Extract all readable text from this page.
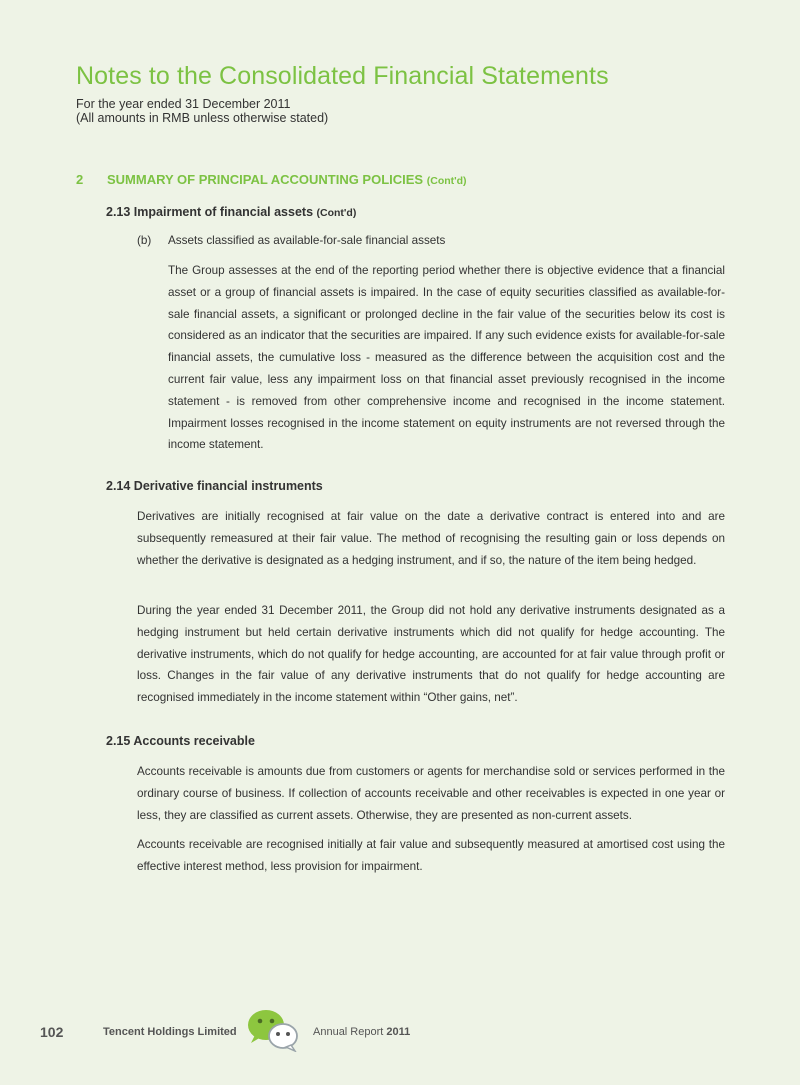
Notes to the Consolidated Financial Statements
For the year ended 31 December 2011
(All amounts in RMB unless otherwise stated)
2 SUMMARY OF PRINCIPAL ACCOUNTING POLICIES (Cont'd)
2.13 Impairment of financial assets (Cont'd)
(b) Assets classified as available-for-sale financial assets
The Group assesses at the end of the reporting period whether there is objective evidence that a financial asset or a group of financial assets is impaired. In the case of equity securities classified as available-for-sale financial assets, a significant or prolonged decline in the fair value of the securities below its cost is considered as an indicator that the securities are impaired. If any such evidence exists for available-for-sale financial assets, the cumulative loss - measured as the difference between the acquisition cost and the current fair value, less any impairment loss on that financial asset previously recognised in the income statement - is removed from other comprehensive income and recognised in the income statement. Impairment losses recognised in the income statement on equity instruments are not reversed through the income statement.
2.14 Derivative financial instruments
Derivatives are initially recognised at fair value on the date a derivative contract is entered into and are subsequently remeasured at their fair value. The method of recognising the resulting gain or loss depends on whether the derivative is designated as a hedging instrument, and if so, the nature of the item being hedged.
During the year ended 31 December 2011, the Group did not hold any derivative instruments designated as a hedging instrument but held certain derivative instruments which did not qualify for hedge accounting. The derivative instruments, which do not qualify for hedge accounting, are accounted for at fair value through profit or loss. Changes in the fair value of any derivative instruments that do not qualify for hedge accounting are recognised immediately in the income statement within “Other gains, net”.
2.15 Accounts receivable
Accounts receivable is amounts due from customers or agents for merchandise sold or services performed in the ordinary course of business. If collection of accounts receivable and other receivables is expected in one year or less, they are classified as current assets. Otherwise, they are presented as non-current assets.
Accounts receivable are recognised initially at fair value and subsequently measured at amortised cost using the effective interest method, less provision for impairment.
102	Tencent Holdings Limited	Annual Report 2011
